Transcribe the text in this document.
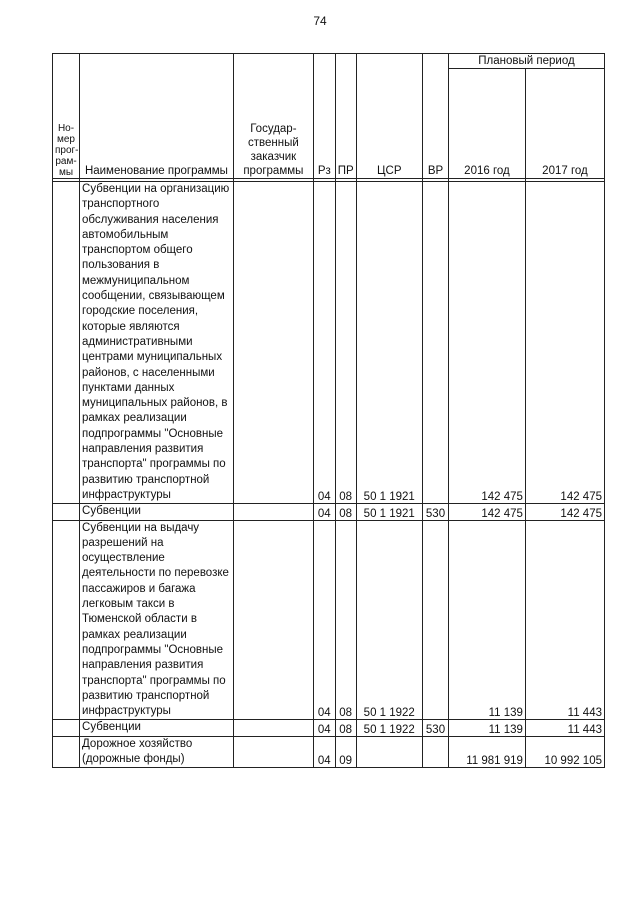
74
Но-
мер
прог-
рам-
мы	Наименование программы	Государ-
ственный
заказчик
программы	Рз	ПР	ЦСР	ВР	Плановый период	
							2016 год	2017 год

	Субвенции на организацию транспортного обслуживания населения автомобильным транспортом общего пользования в межмуниципальном сообщении, связывающем городские поселения, которые являются административными центрами муниципальных районов, с населенными пунктами данных муниципальных районов, в рамках реализации подпрограммы "Основные направления развития транспорта" программы по развитию транспортной инфраструктуры		04	08	50 1 1921		142 475	142 475
	Субвенции		04	08	50 1 1921	530	142 475	142 475
	Субвенции на выдачу разрешений на осуществление деятельности по перевозке пассажиров и багажа легковым такси в Тюменской области в рамках реализации подпрограммы "Основные направления развития транспорта" программы по развитию транспортной инфраструктуры		04	08	50 1 1922		11 139	11 443
	Субвенции		04	08	50 1 1922	530	11 139	11 443
	Дорожное хозяйство (дорожные фонды)		04	09			11 981 919	10 992 105
